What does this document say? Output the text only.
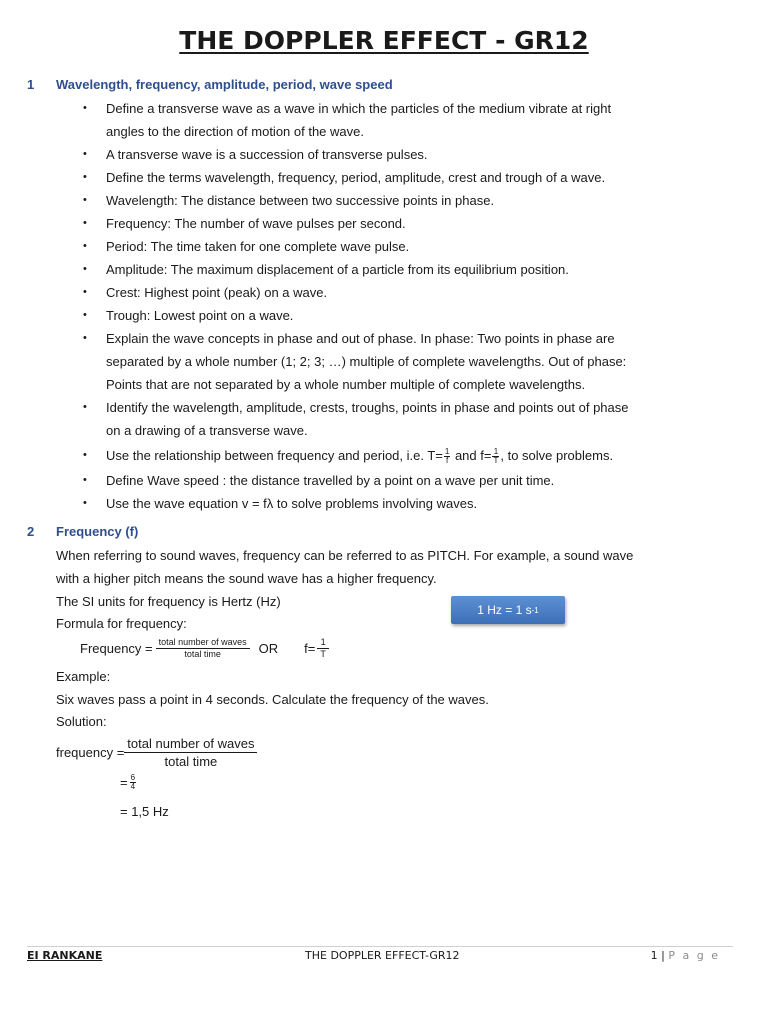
THE DOPPLER EFFECT - GR12
1 Wavelength, frequency, amplitude, period, wave speed
• Define a transverse wave as a wave in which the particles of the medium vibrate at right
angles to the direction of motion of the wave.
• A transverse wave is a succession of transverse pulses.
• Define the terms wavelength, frequency, period, amplitude, crest and trough of a wave.
• Wavelength: The distance between two successive points in phase.
• Frequency: The number of wave pulses per second.
• Period: The time taken for one complete wave pulse.
• Amplitude: The maximum displacement of a particle from its equilibrium position.
• Crest: Highest point (peak) on a wave.
• Trough: Lowest point on a wave.
• Explain the wave concepts in phase and out of phase. In phase: Two points in phase are
separated by a whole number (1; 2; 3; …) multiple of complete wavelengths. Out of phase:
Points that are not separated by a whole number multiple of complete wavelengths.
• Identify the wavelength, amplitude, crests, troughs, points in phase and points out of phase
on a drawing of a transverse wave.
• Use the relationship between frequency and period, i.e. $T= \frac{1}{f}$ and $f= \frac{1}{T}$ , to solve problems.
• Define Wave speed : the distance travelled by a point on a wave per unit time.
• Use the wave equation v = fλ to solve problems involving waves.
2 Frequency (f)
When referring to sound waves, frequency can be referred to as PITCH. For example, a sound wave
with a higher pitch means the sound wave has a higher frequency.
The SI units for frequency is Hertz (Hz)
1 Hz = 1 s -1
Formula for frequency:
Frequency = $\frac{\text{total number of waves}}{\text{total time}}$ OR $f= \frac{1}{T}$
Example:
Six waves pass a point in 4 seconds. Calculate the frequency of the waves.
Solution:
frequency = $\frac{\text{total number of waves}}{\text{total time}}$
= $\frac{6}{4}$
= 1,5 Hz
EI RANKANE	THE DOPPLER EFFECT-GR12	1 | P a g e
